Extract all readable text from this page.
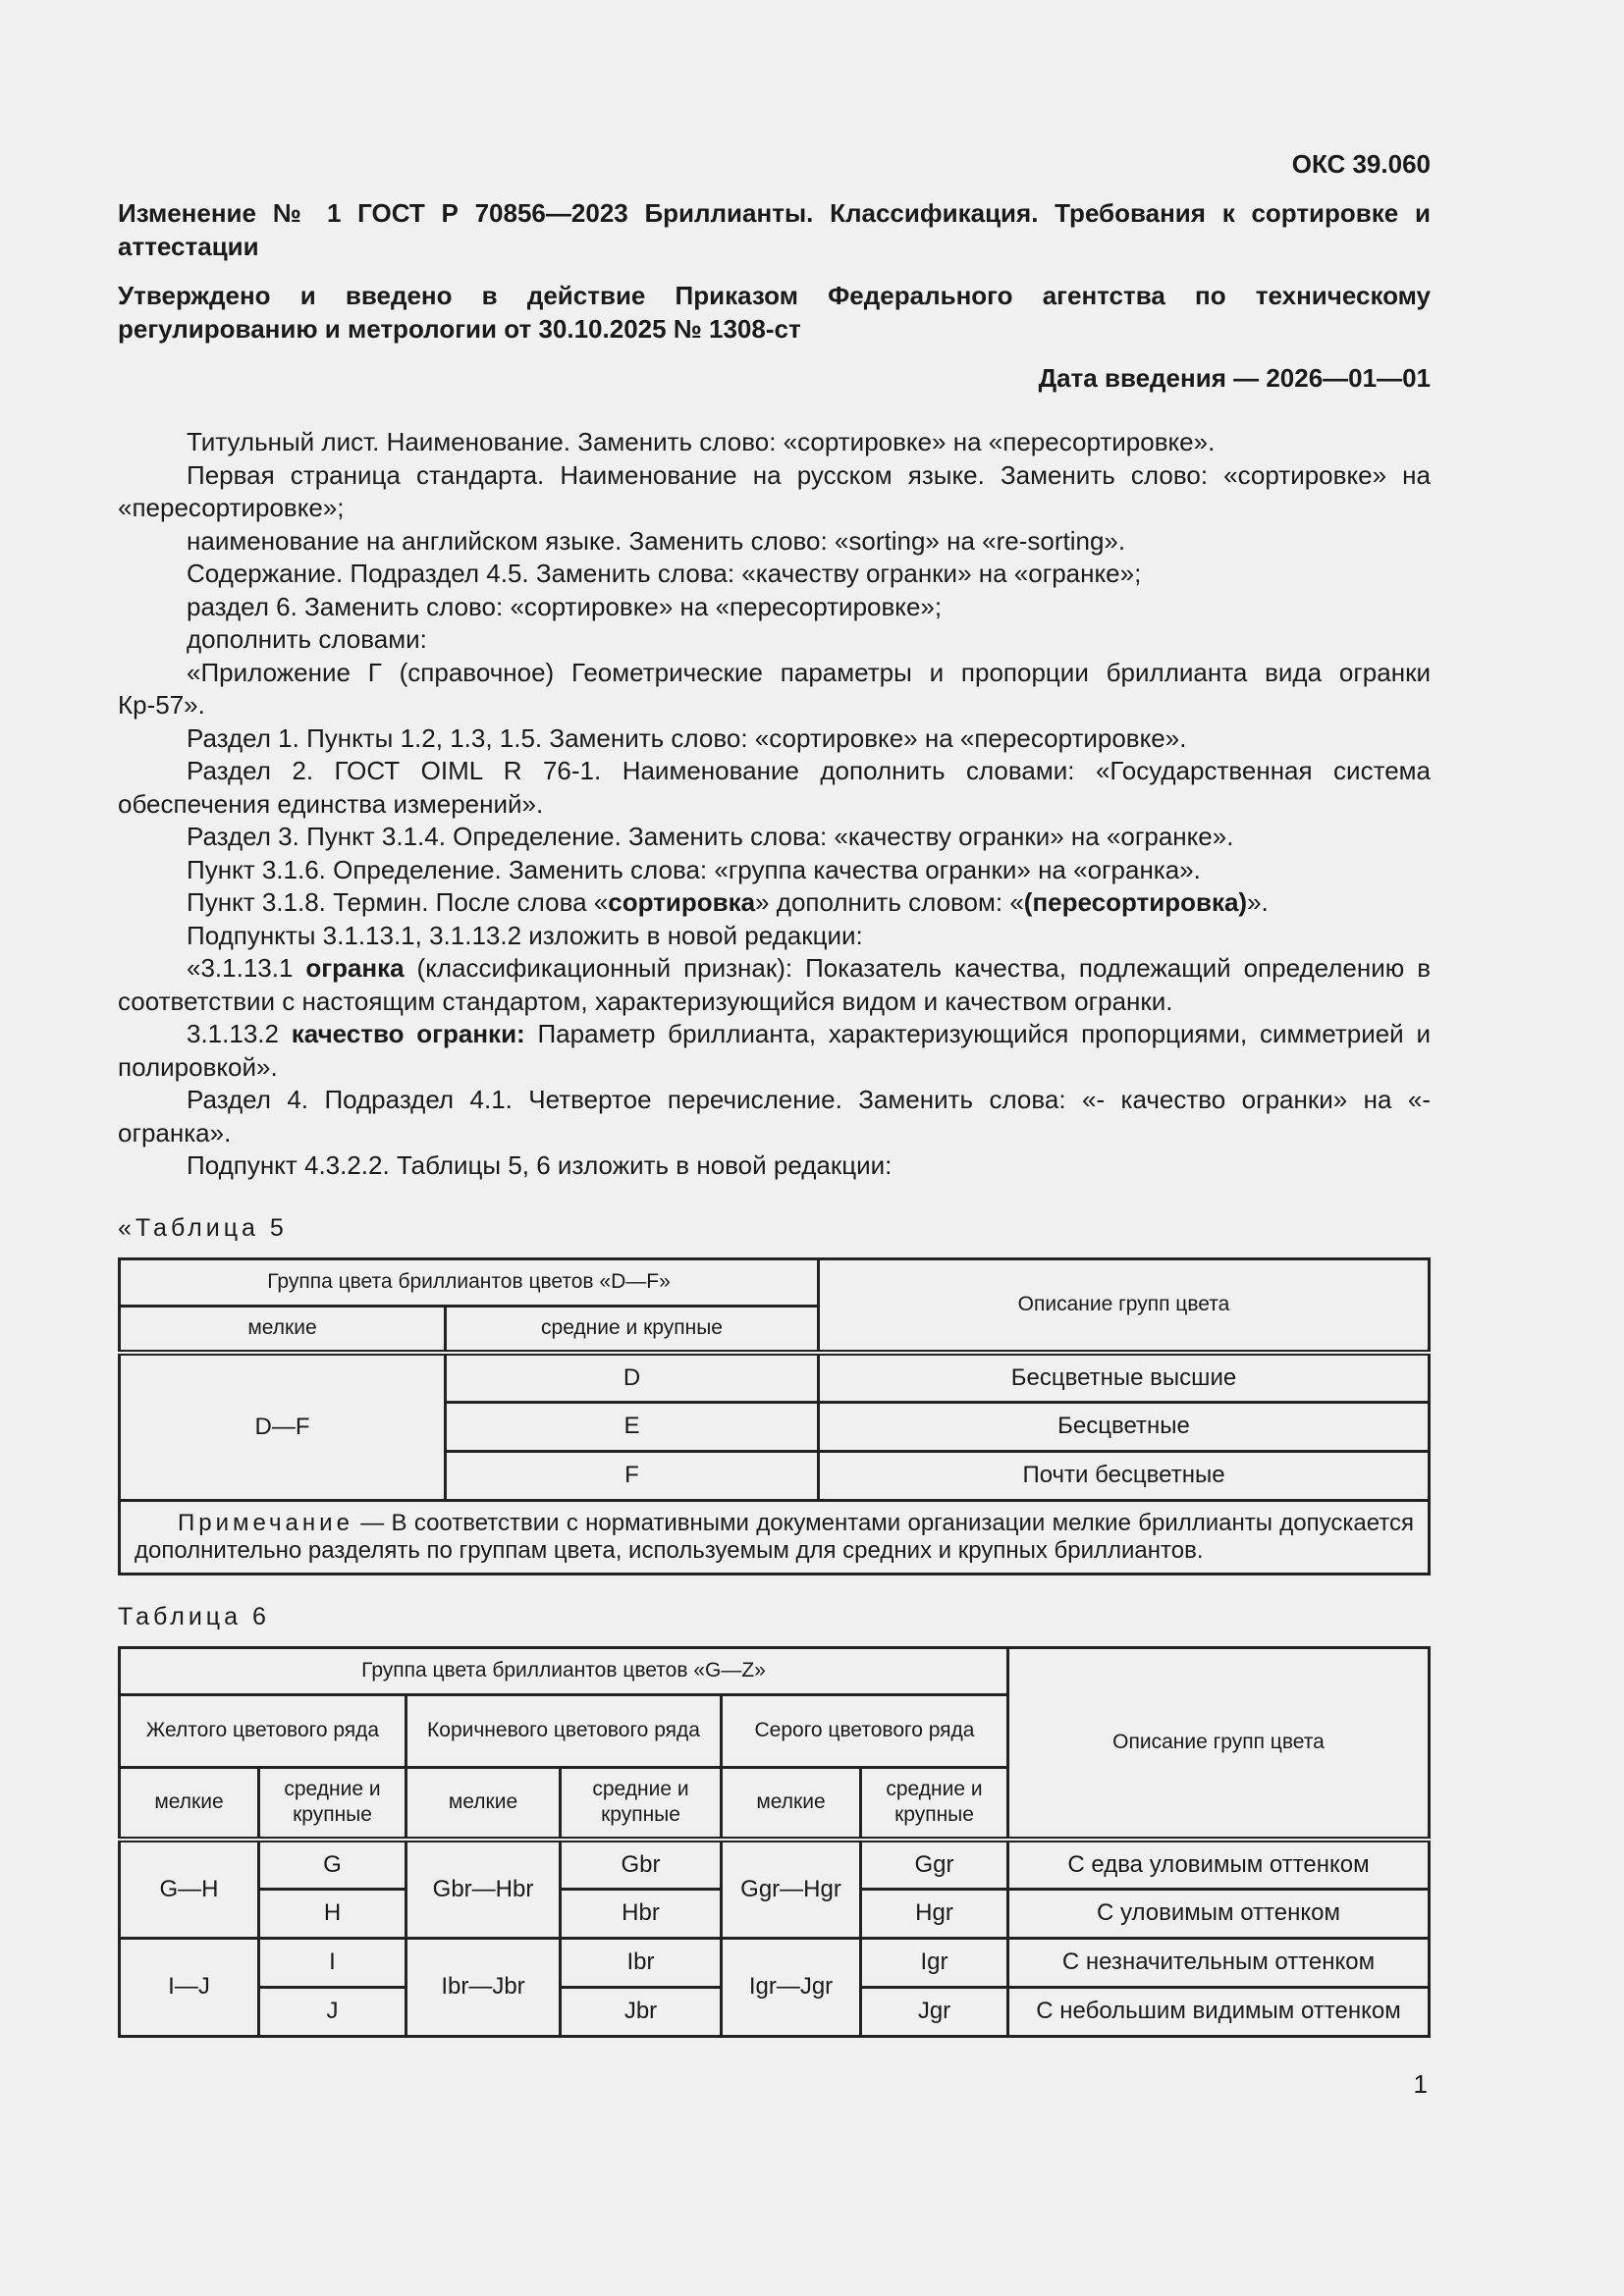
ОКС 39.060
Изменение № 1 ГОСТ Р 70856—2023 Бриллианты. Классификация. Требования к сортировке и аттестации
Утверждено и введено в действие Приказом Федерального агентства по техническому регулированию и метрологии от 30.10.2025 № 1308-ст
Дата введения — 2026—01—01

Титульный лист. Наименование. Заменить слово: «сортировке» на «пересортировке».

Первая страница стандарта. Наименование на русском языке. Заменить слово: «сортировке» на «пересортировке»;

наименование на английском языке. Заменить слово: «sorting» на «re-sorting».

Содержание. Подраздел 4.5. Заменить слова: «качеству огранки» на «огранке»;

раздел 6. Заменить слово: «сортировке» на «пересортировке»;

дополнить словами:

«Приложение Г (справочное) Геометрические параметры и пропорции бриллианта вида огранки Кр-57».

Раздел 1. Пункты 1.2, 1.3, 1.5. Заменить слово: «сортировке» на «пересортировке».

Раздел 2. ГОСТ OIML R 76-1. Наименование дополнить словами: «Государственная система обеспечения единства измерений».

Раздел 3. Пункт 3.1.4. Определение. Заменить слова: «качеству огранки» на «огранке».

Пункт 3.1.6. Определение. Заменить слова: «группа качества огранки» на «огранка».

Пункт 3.1.8. Термин. После слова «сортировка» дополнить словом: «(пересортировка)».

Подпункты 3.1.13.1, 3.1.13.2 изложить в новой редакции:

«3.1.13.1 огранка (классификационный признак): Показатель качества, подлежащий определению в соответствии с настоящим стандартом, характеризующийся видом и качеством огранки.

3.1.13.2 качество огранки: Параметр бриллианта, характеризующийся пропорциями, симметрией и полировкой».

Раздел 4. Подраздел 4.1. Четвертое перечисление. Заменить слова: «- качество огранки» на «- огранка».

Подпункт 4.3.2.2. Таблицы 5, 6 изложить в новой редакции:

«Таблица 5
Группа цвета бриллиантов цветов «D—F»		Описание групп цвета
мелкие	средние и крупные	
D—F	D	Бесцветные высшие
	E	Бесцветные
	F	Почти бесцветные
Примечание — В соответствии с нормативными документами организации мелкие бриллианты допускается дополнительно разделять по группам цвета, используемым для средних и крупных бриллиантов.		
Таблица 6
Группа цвета бриллиантов цветов «G—Z»						Описание групп цвета
Желтого цветового ряда		Коричневого цветового ряда		Серого цветового ряда		
мелкие	средние и крупные	мелкие	средние и крупные	мелкие	средние и крупные	
G—H	G	Gbr—Hbr	Gbr	Ggr—Hgr	Ggr	С едва уловимым оттенком
	H		Hbr		Hgr	С уловимым оттенком
I—J	I	Ibr—Jbr	Ibr	Igr—Jgr	Igr	С незначительным оттенком
	J		Jbr		Jgr	С небольшим видимым оттенком
1
